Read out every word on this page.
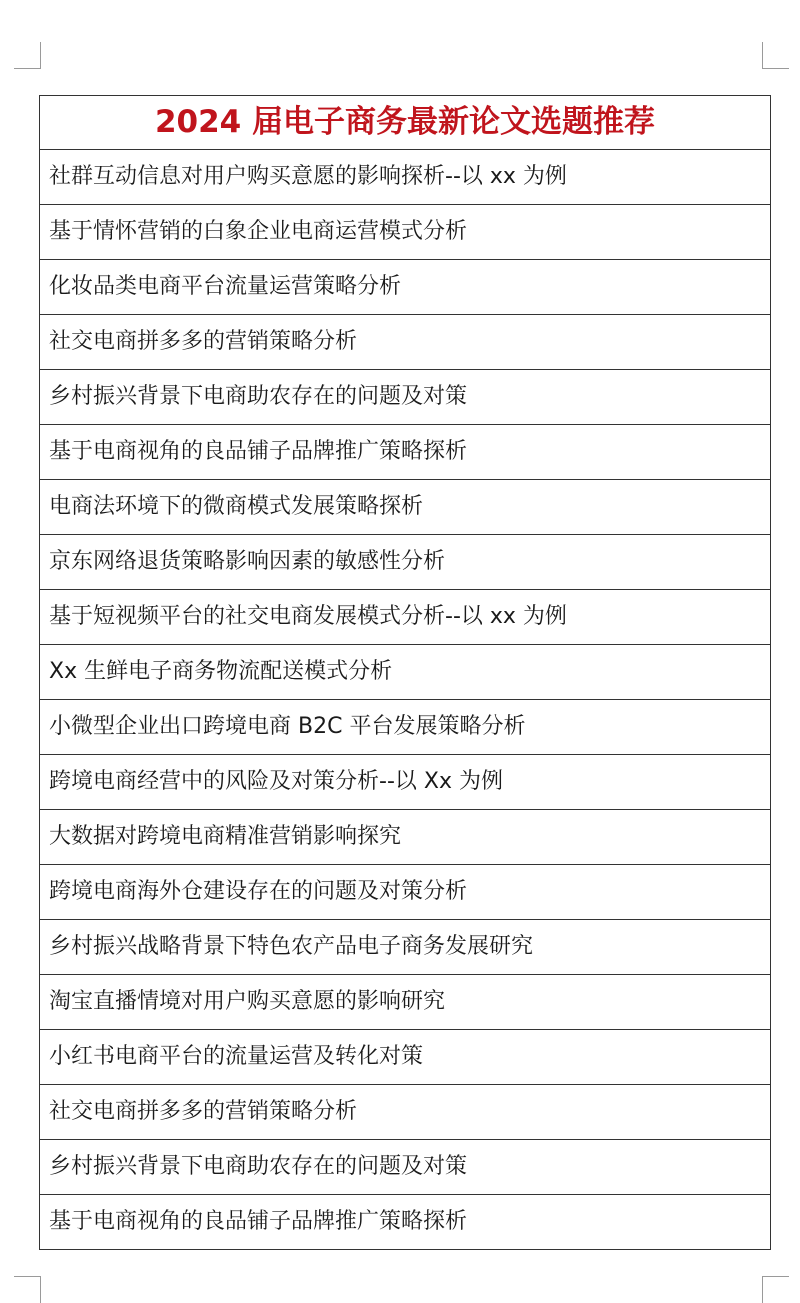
2024 届电子商务最新论文选题推荐
社群互动信息对用户购买意愿的影响探析--以 xx 为例
基于情怀营销的白象企业电商运营模式分析
化妆品类电商平台流量运营策略分析
社交电商拼多多的营销策略分析
乡村振兴背景下电商助农存在的问题及对策
基于电商视角的良品铺子品牌推广策略探析
电商法环境下的微商模式发展策略探析
京东网络退货策略影响因素的敏感性分析
基于短视频平台的社交电商发展模式分析--以 xx 为例
Xx 生鲜电子商务物流配送模式分析
小微型企业出口跨境电商 B2C 平台发展策略分析
跨境电商经营中的风险及对策分析--以 Xx 为例
大数据对跨境电商精准营销影响探究
跨境电商海外仓建设存在的问题及对策分析
乡村振兴战略背景下特色农产品电子商务发展研究
淘宝直播情境对用户购买意愿的影响研究
小红书电商平台的流量运营及转化对策
社交电商拼多多的营销策略分析
乡村振兴背景下电商助农存在的问题及对策
基于电商视角的良品铺子品牌推广策略探析
